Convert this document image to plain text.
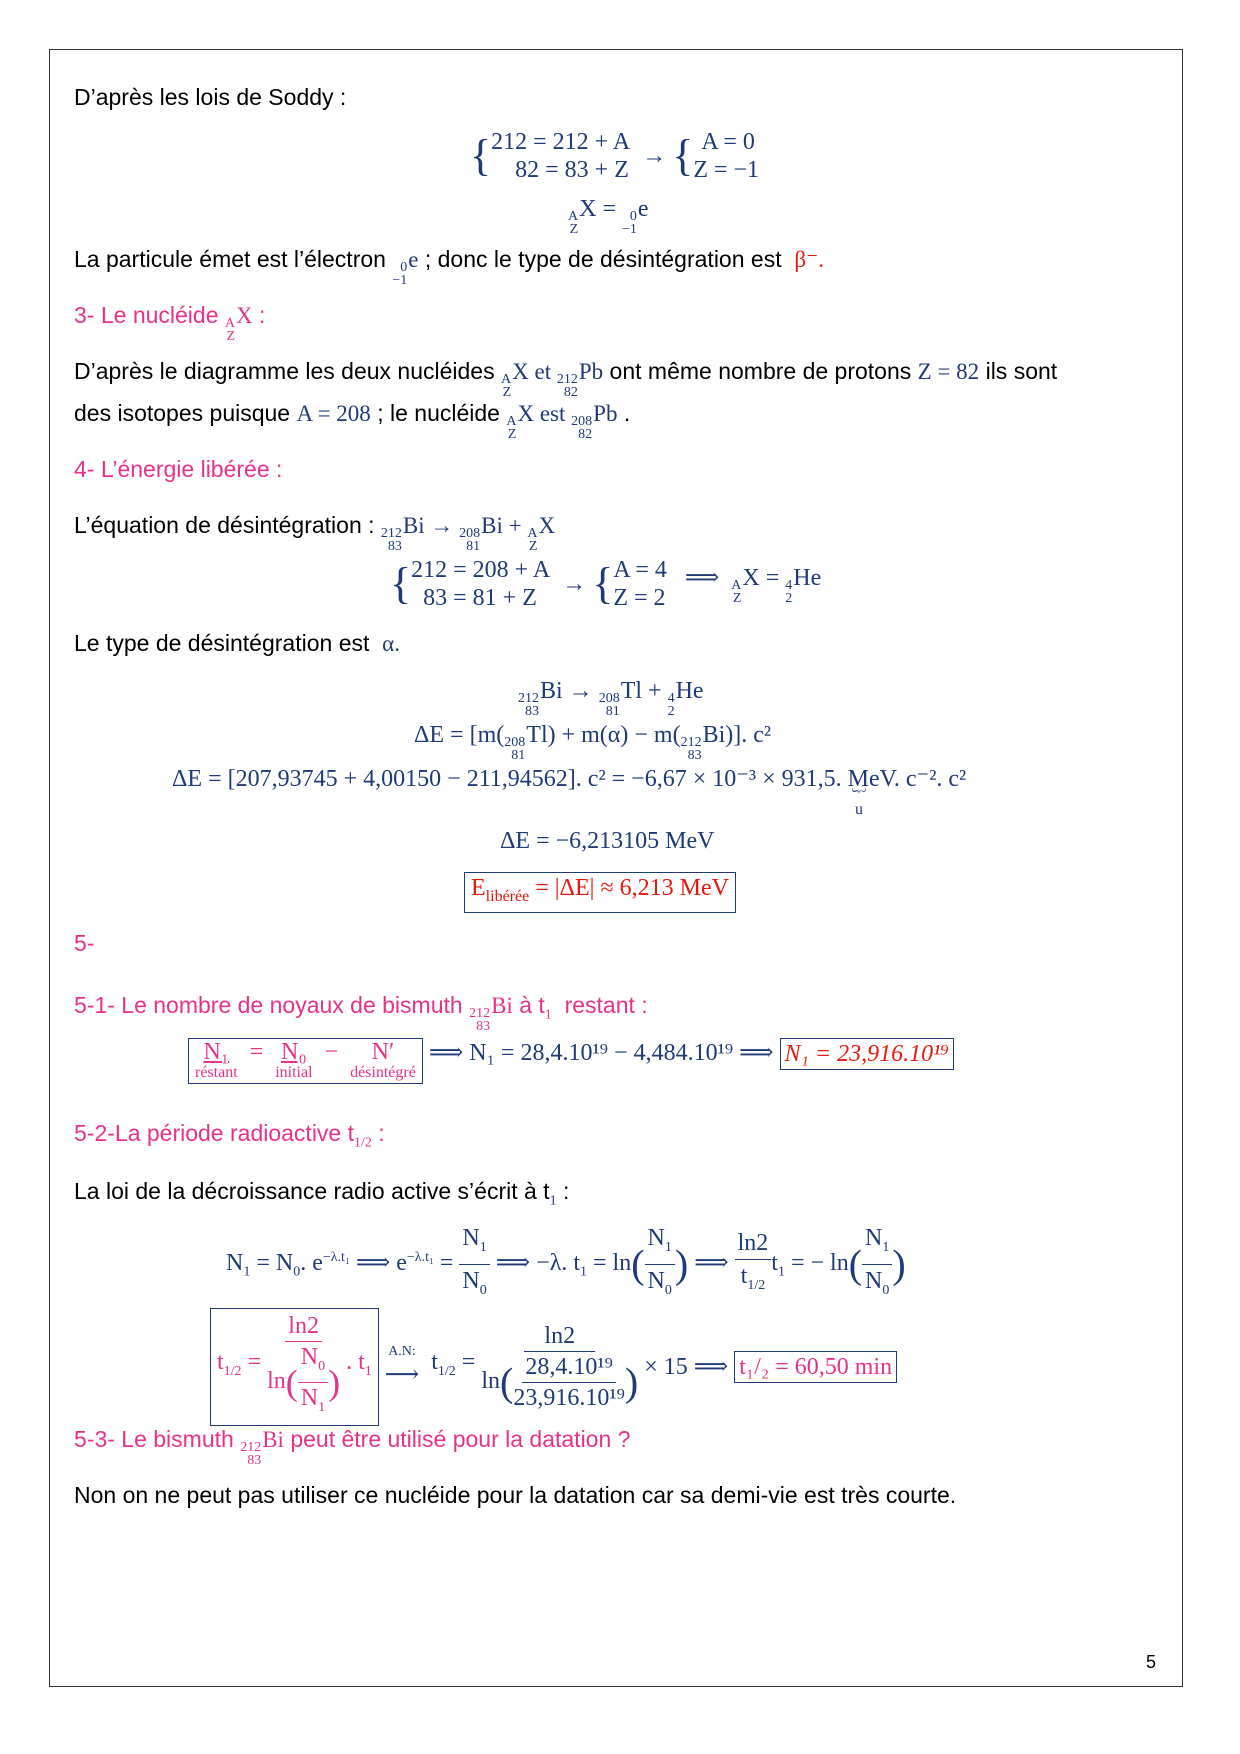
D’après les lois de Soddy :
{ 212 = 212 + A
82 = 83 + Z
→ { A = 0
Z = −1
A
Z
X = 0
−1
e
La particule émet est l’électron	0
−1
e ; donc le type de désintégration est β⁻.
3- Le nucléide A
Z
X :
D’après le diagramme les deux nucléides A
Z
X et 212
82
Pb ont même nombre de protons Z = 82 ils sont
des isotopes puisque A = 208 ; le nucléide A
Z
X est 208
82
Pb .
4- L’énergie libérée :
L’équation de désintégration : 212
83
Bi → 208
81
Bi + A
Z
X
{ 212 = 208 + A
83 = 81 + Z
→ { A = 4
Z = 2
⟹ A
Z
X = 4
2
He
Le type de désintégration est α.
212
83
Bi → 208
81
Tl + 4
2
He
ΔE = [m( 208
81
Tl) + m(α) − m( 212
83
Bi)]. c²
ΔE = [207,93745 + 4,00150 − 211,94562]. c² = −6,67 × 10⁻³ × 931,5. MeV. c⁻²
︸
u
. c²
ΔE = −6,213105 MeV
$E_{libérée} = |\Delta E| \approx 6,213$ MeV
5-
5-1- Le nombre de noyaux de bismuth 212
83
Bi à $t_1$ restant :
N₁
réstant
= N₀
initial
− N′
désintégré
⟹ N₁ = 28,4.10¹⁹ − 4,484.10¹⁹ ⟹ N₁ = 23,916.10¹⁹
5-2-La période radioactive $t_{1/2}$ :
La loi de la décroissance radio active s’écrit à $t_1$ :
$N_1 = N_0$. $e^{-\lambda.t_1}$ ⟹ $e^{-\lambda.t_1} = \frac{N_1}{N_0}$ ⟹ −λ. $t_1 = \ln( \frac{N_1}{N_0}$ ) ⟹ $\frac{\ln 2}{t_{1/2}} t_1$ = − $\ln( \frac{N_1}{N_0}$ )
$t_{1/2} = \frac{\ln 2}{\ln( \frac{N_0}{N_1} )}$ . $t_1$
A.N:
⟶ $t_{1/2} = \frac{\ln 2}{\ln( \frac{\text{28,4.10¹⁹}}{\text{23,916.10¹⁹}} )} \times 15$ ⟹ t₁/₂ = 60,50 min
5-3- Le bismuth 212
83
Bi peut être utilisé pour la datation ?
Non on ne peut pas utiliser ce nucléide pour la datation car sa demi-vie est très courte.
5
